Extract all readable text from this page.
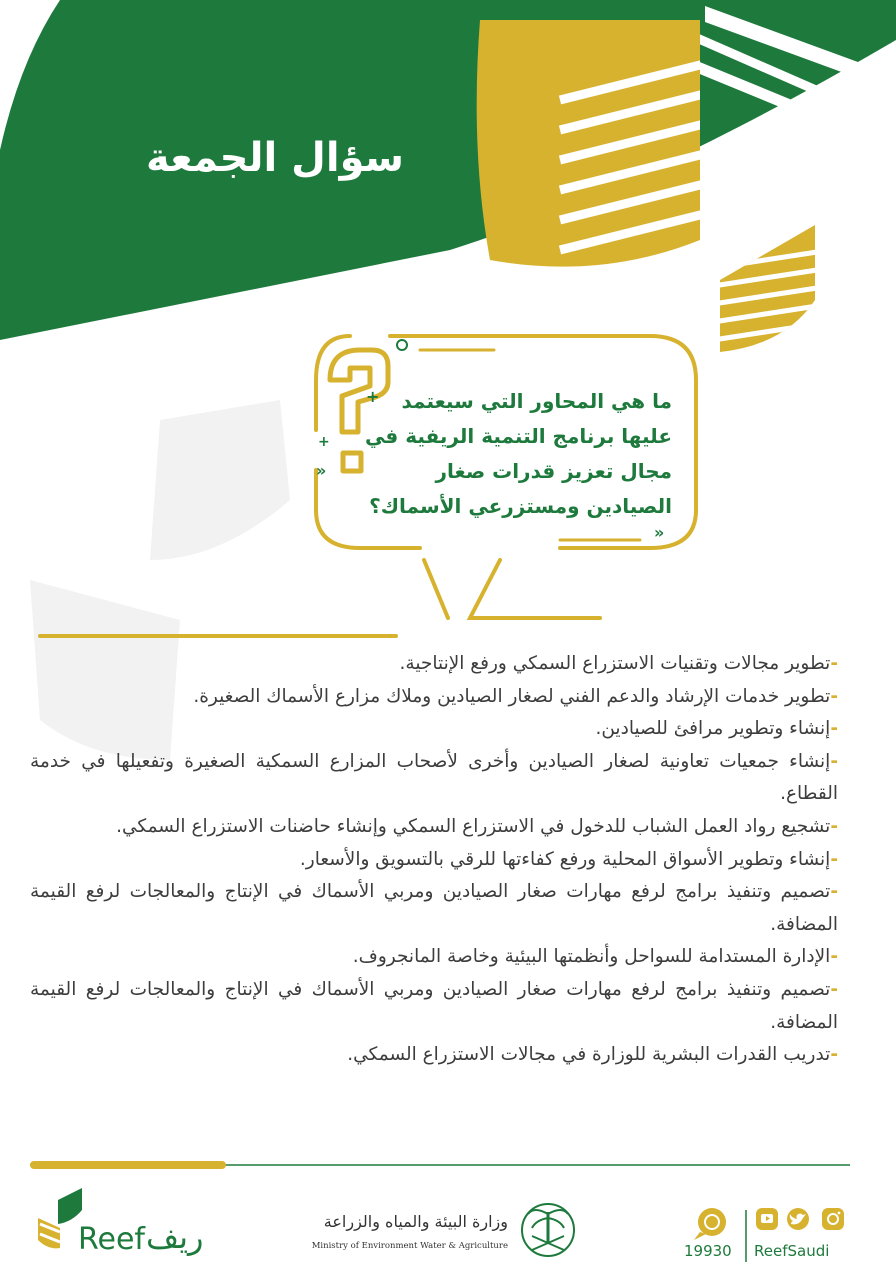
+
+
»
»
سؤال الجمعة
ما هي المحاور التي سيعتمد
عليها برنامج التنمية الريفية في
مجال تعزيز قدرات صغار
الصيادين ومستزرعي الأسماك؟
-تطوير مجالات وتقنيات الاستزراع السمكي ورفع الإنتاجية.
-تطوير خدمات الإرشاد والدعم الفني لصغار الصيادين وملاك مزارع الأسماك الصغيرة.
-إنشاء وتطوير مرافئ للصيادين.
-إنشاء جمعيات تعاونية لصغار الصيادين وأخرى لأصحاب المزارع السمكية الصغيرة وتفعيلها في خدمة القطاع.
-تشجيع رواد العمل الشباب للدخول في الاستزراع السمكي وإنشاء حاضنات الاستزراع السمكي.
-إنشاء وتطوير الأسواق المحلية ورفع كفاءتها للرقي بالتسويق والأسعار.
-تصميم وتنفيذ برامج لرفع مهارات صغار الصيادين ومربي الأسماك في الإنتاج والمعالجات لرفع القيمة المضافة.
-الإدارة المستدامة للسواحل وأنظمتها البيئية وخاصة المانجروف.
-تصميم وتنفيذ برامج لرفع مهارات صغار الصيادين ومربي الأسماك في الإنتاج والمعالجات لرفع القيمة المضافة.
-تدريب القدرات البشرية للوزارة في مجالات الاستزراع السمكي.
ريف
Reef
وزارة البيئة والمياه والزراعة
Ministry of Environment Water & Agriculture	19930 ReefSaudi
